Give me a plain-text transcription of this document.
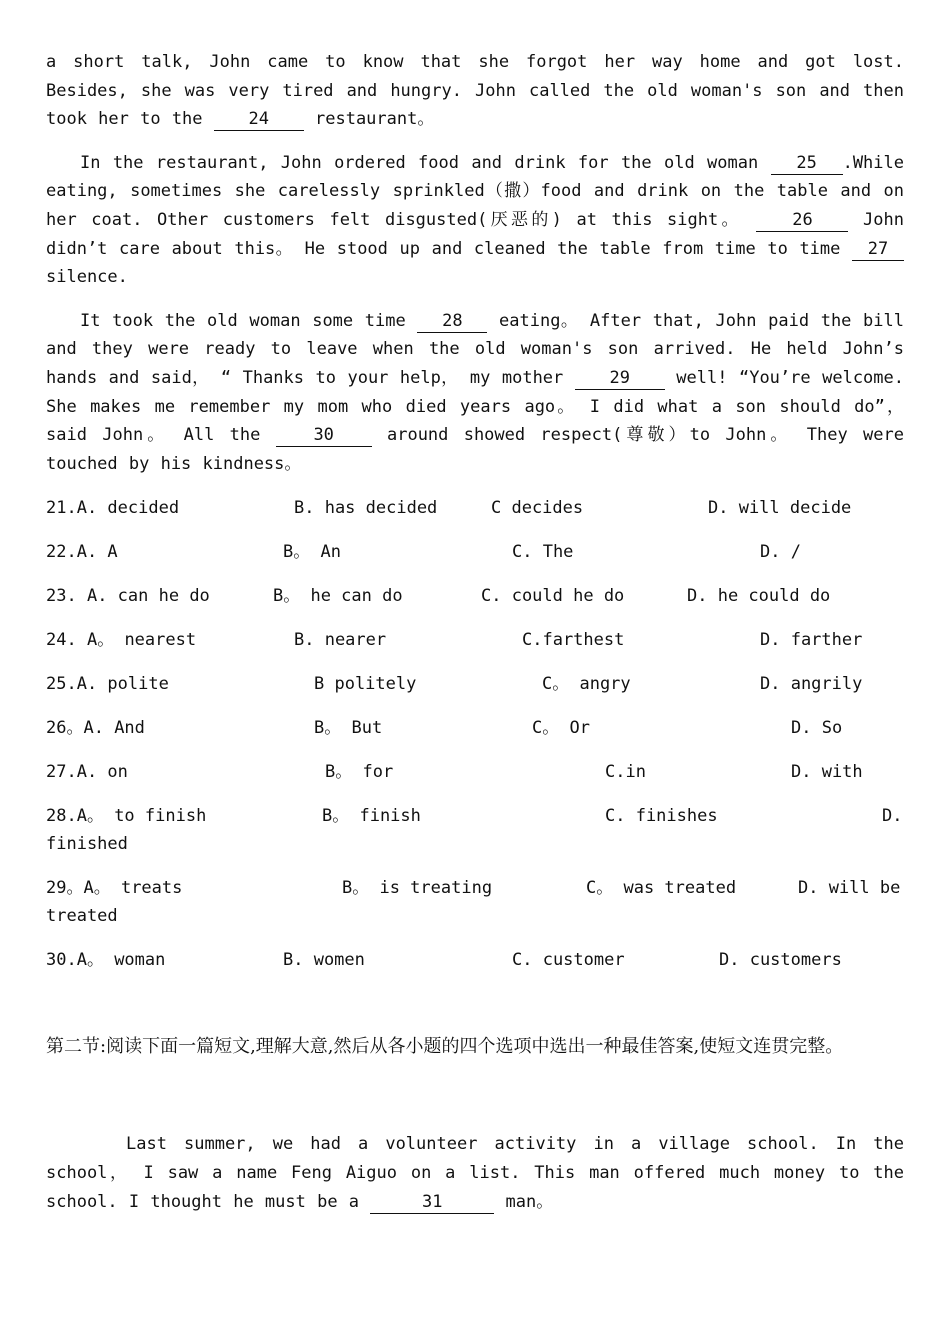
a short talk, John came to know that she forgot her way home and got lost. Besides, she was very tired and hungry. John called the old woman's son and then took her to the 24 restaurant。

In the restaurant, John ordered food and drink for the old woman 25 .While eating, sometimes she carelessly sprinkled（撒）food and drink on the table and on her coat. Other customers felt disgusted(厌恶的) at this sight。 26 John didn’t care about this。 He stood up and cleaned the table from time to time 27 silence.

It took the old woman some time 28 eating。 After that, John paid the bill and they were ready to leave when the old woman's son arrived. He held John’s hands and said， “ Thanks to your help， my mother 29 well! “You’re welcome. She makes me remember my mom who died years ago。 I did what a son should do”， said John。 All the 30 around showed respect(尊敬）to John。 They were touched by his kindness。

21.A. decided	B. has decided	C decides	D. will decide
22.A. A	B。 An	C. The	D. /
23. A. can he do	B。 he can do	C. could he do	D. he could do
24. A。 nearest	B. nearer	C.farthest	D. farther
25.A. polite	B politely	C。 angry	D. angrily
26。A. And	B。 But	C。 Or	D. So
27.A. on	B。 for	C.in	D. with
28.A。 to finish	B。 finish	C. finishes	D.
finished
29。A。 treats	B。 is treating	C。 was treated	D. will be
treated
30.A。 woman	B. women	C. customer	D. customers

第二节:阅读下面一篇短文,理解大意,然后从各小题的四个选项中选出一种最佳答案,使短文连贯完整。

Last summer, we had a volunteer activity in a village school. In the school， I saw a name Feng Aiguo on a list. This man offered much money to the school. I thought he must be a	31	man。
